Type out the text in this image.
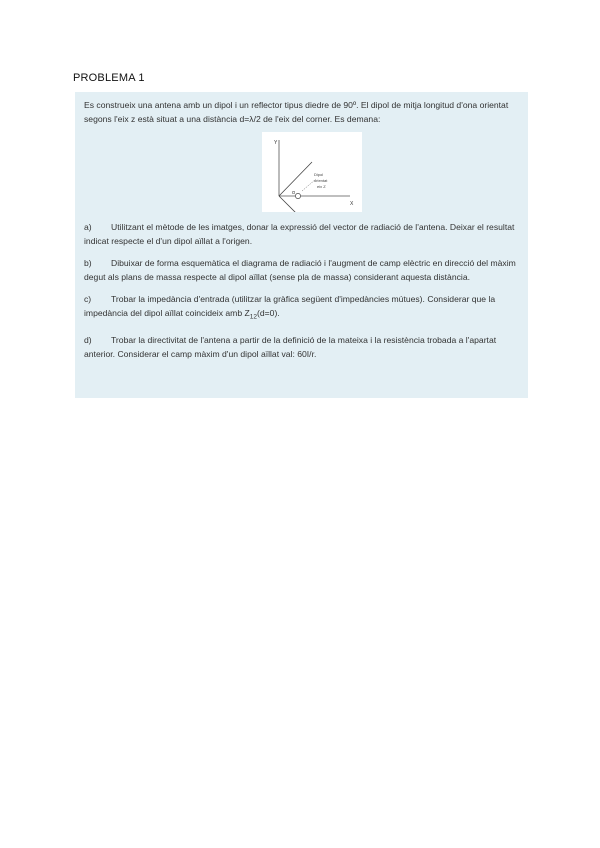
PROBLEMA 1

Es construeix una antena amb un dipol i un reflector tipus diedre de 90º. El dipol de mitja longitud d'ona orientat segons l'eix z està situat a una distància d=λ/2 de l'eix del corner. Es demana:

Y
X
α
Dipol
orientat
eix Z

a) Utilitzant el mètode de les imatges, donar la expressió del vector de radiació de l'antena. Deixar el resultat indicat respecte el d'un dipol aïllat a l'origen.

b) Dibuixar de forma esquemàtica el diagrama de radiació i l'augment de camp elèctric en direcció del màxim degut als plans de massa respecte al dipol aïllat (sense pla de massa) considerant aquesta distància.

c) Trobar la impedància d'entrada (utilitzar la gràfica següent d'impedàncies mútues). Considerar que la impedància del dipol aïllat coincideix amb $Z_{12}(d=0)$.

d) Trobar la directivitat de l'antena a partir de la definició de la mateixa i la resistència trobada a l'apartat anterior. Considerar el camp màxim d'un dipol aïllat val: 60I/r.
